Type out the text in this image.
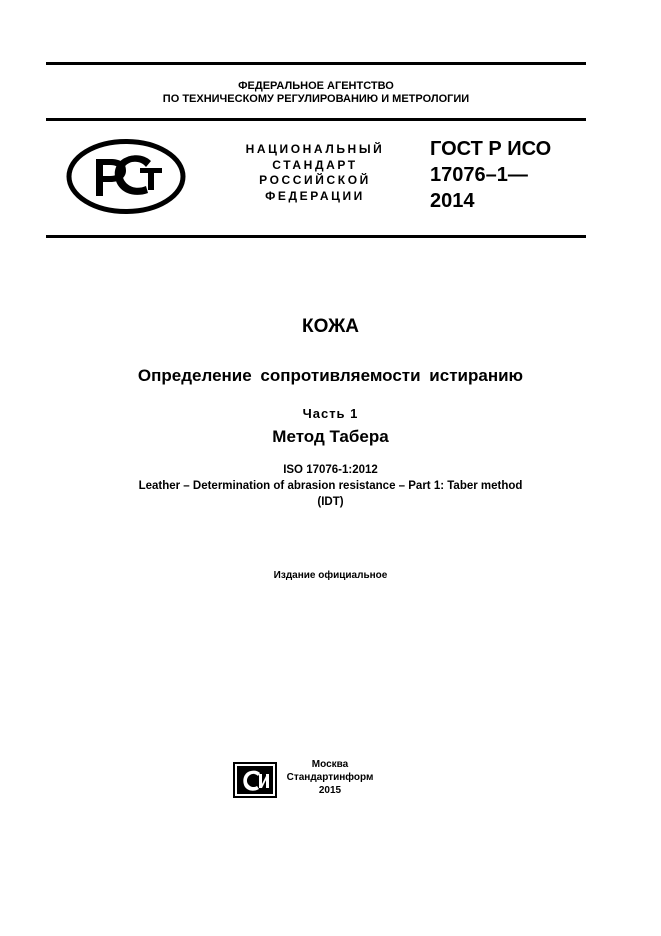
ФЕДЕРАЛЬНОЕ АГЕНТСТВО
ПО ТЕХНИЧЕСКОМУ РЕГУЛИРОВАНИЮ И МЕТРОЛОГИИ
НАЦИОНАЛЬНЫЙ
СТАНДАРТ
РОССИЙСКОЙ
ФЕДЕРАЦИИ
ГОСТ Р ИСО
17076–1—
2014
КОЖА
Определение сопротивляемости истиранию
Часть 1
Метод Табера
ISO 17076-1:2012
Leather – Determination of abrasion resistance – Part 1: Taber method
(IDT)
Издание официальное
Москва
Стандартинформ
2015
